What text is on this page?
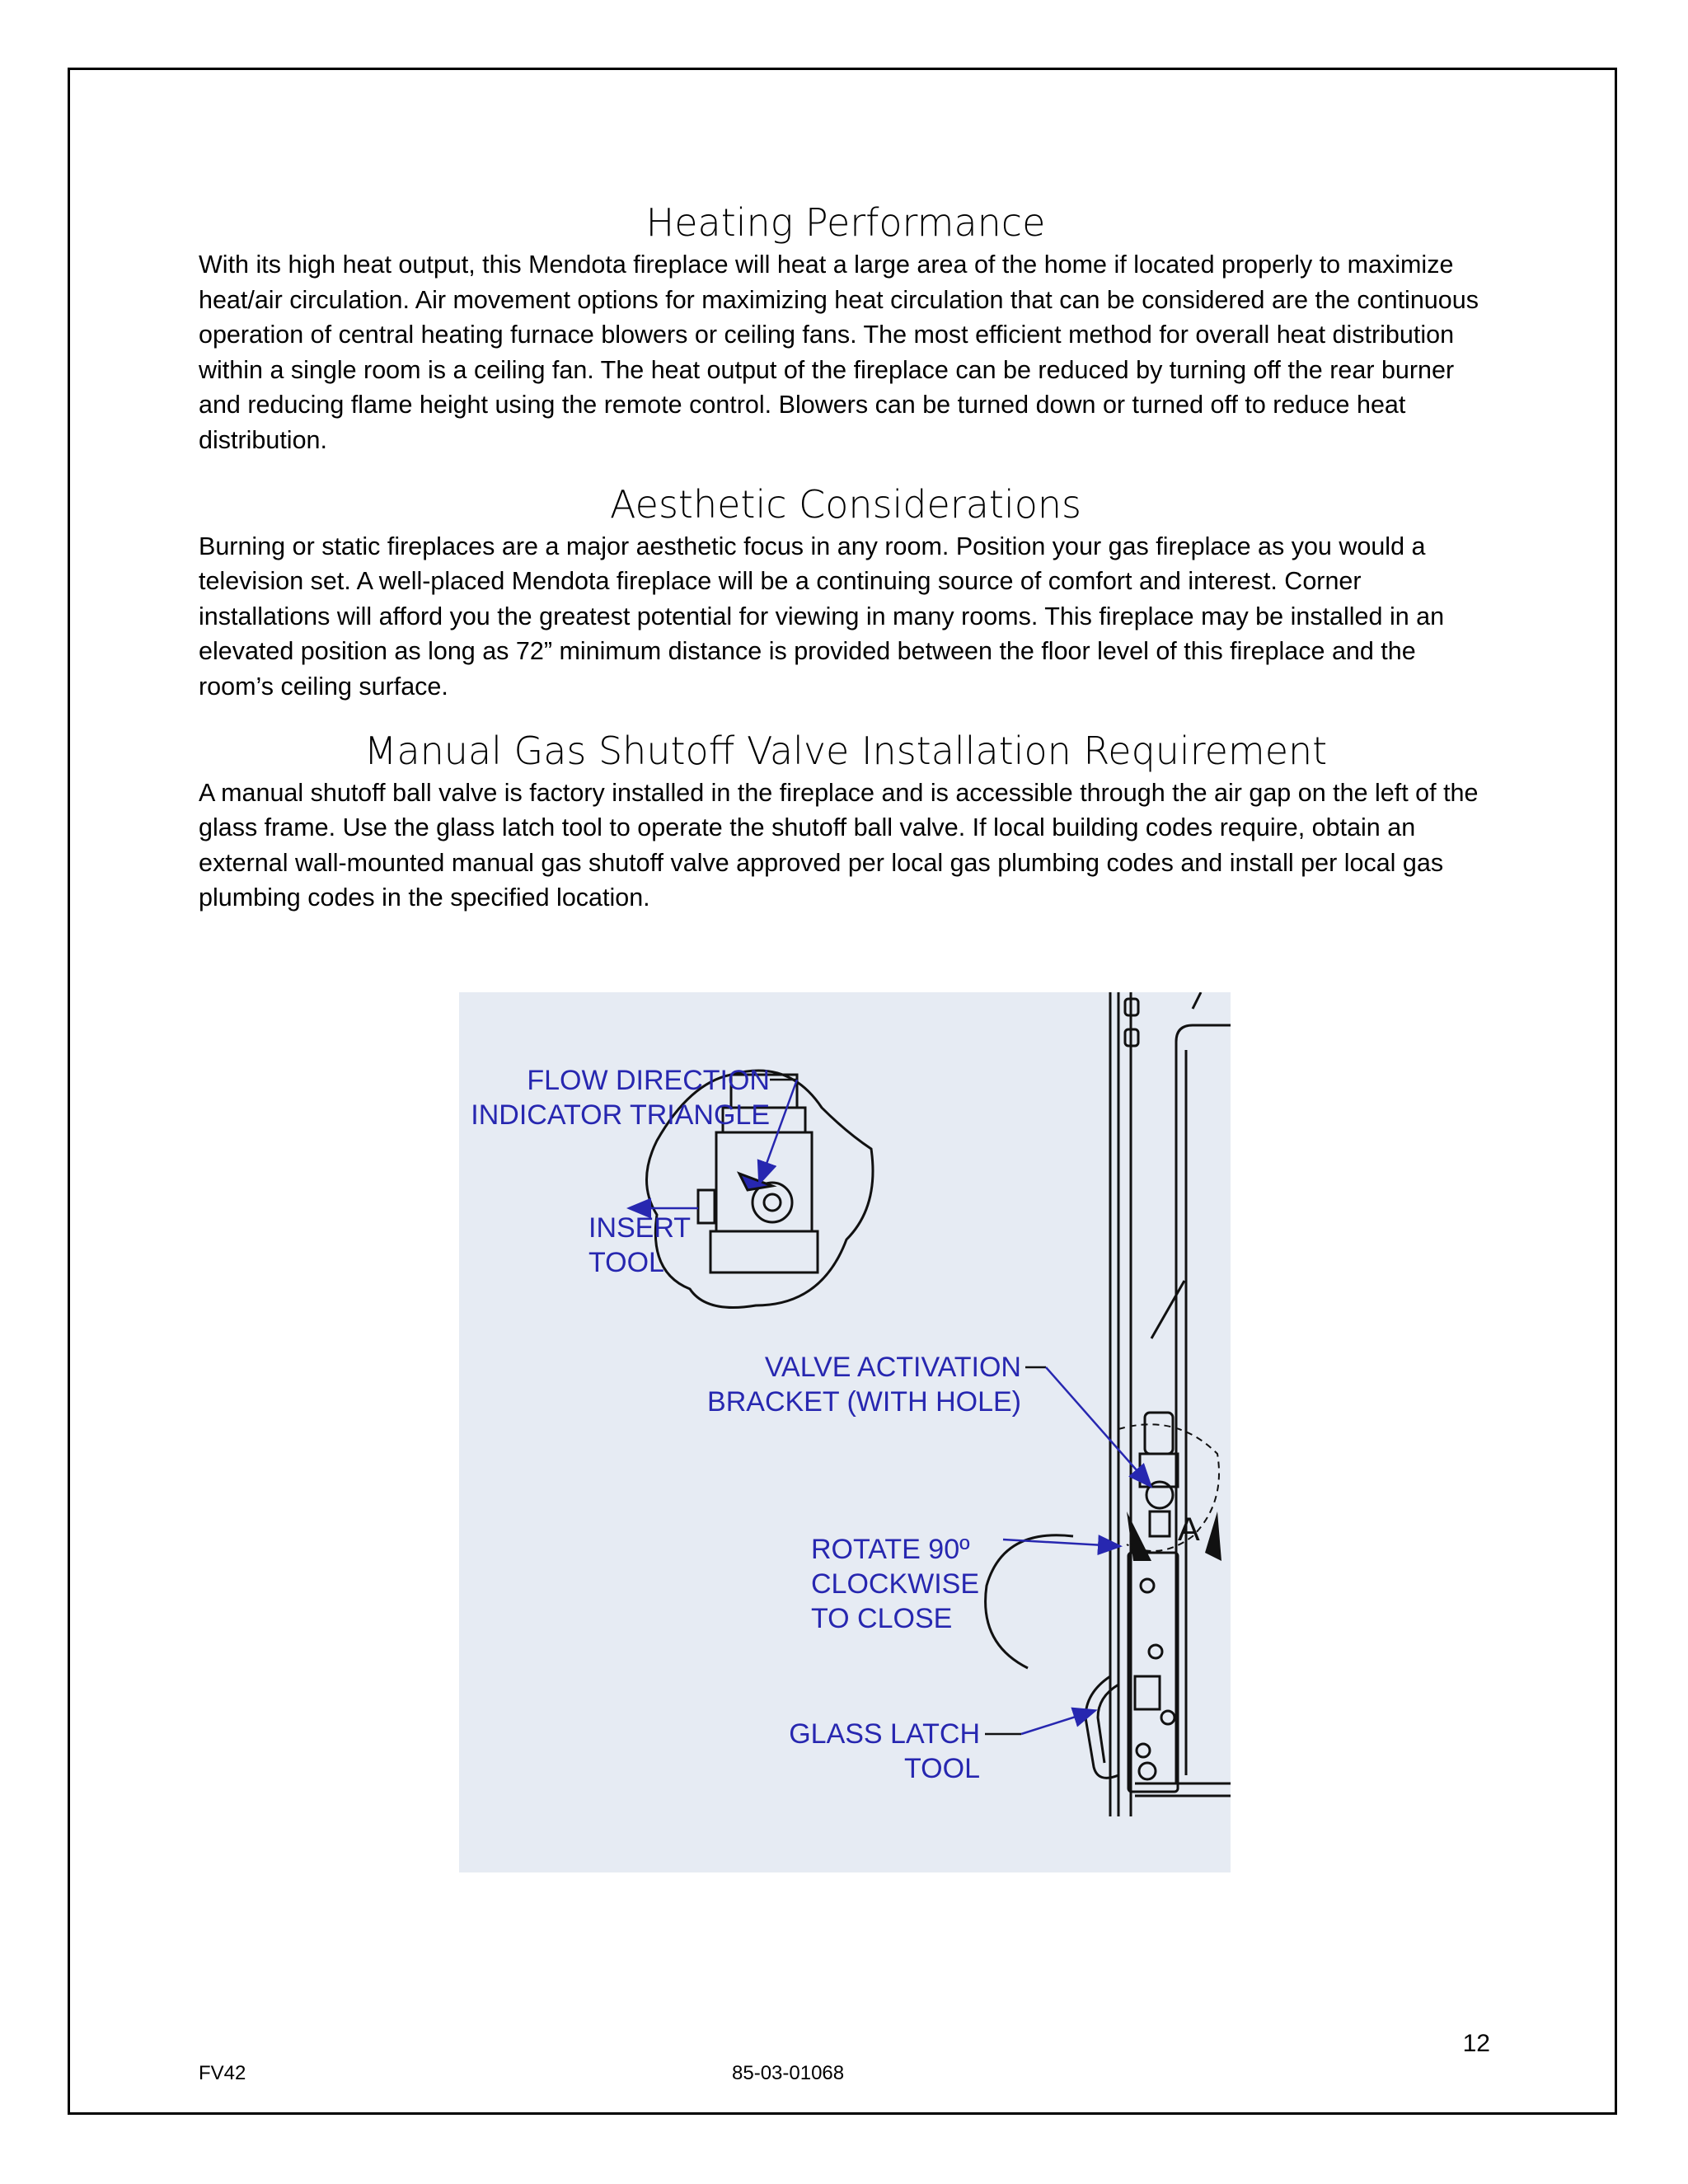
Heating Performance

With its high heat output, this Mendota fireplace will heat a large area of the home if located properly to maximize heat/air circulation. Air movement options for maximizing heat circulation that can be considered are the continuous operation of central heating furnace blowers or ceiling fans. The most efficient method for overall heat distribution within a single room is a ceiling fan. The heat output of the fireplace can be reduced by turning off the rear burner and reducing flame height using the remote control. Blowers can be turned down or turned off to reduce heat distribution.

Aesthetic Considerations

Burning or static fireplaces are a major aesthetic focus in any room. Position your gas fireplace as you would a television set. A well-placed Mendota fireplace will be a continuing source of comfort and interest. Corner installations will afford you the greatest potential for viewing in many rooms. This fireplace may be installed in an elevated position as long as 72” minimum distance is provided between the floor level of this fireplace and the room’s ceiling surface.

Manual Gas Shutoff Valve Installation Requirement

A manual shutoff ball valve is factory installed in the fireplace and is accessible through the air gap on the left of the glass frame. Use the glass latch tool to operate the shutoff ball valve. If local building codes require, obtain an external wall-mounted manual gas shutoff valve approved per local gas plumbing codes and install per local gas plumbing codes in the specified location.

A
FLOW DIRECTION
INDICATOR TRIANGLE
INSERT
TOOL
VALVE ACTIVATION
BRACKET (WITH HOLE)
ROTATE 90º
CLOCKWISE
TO CLOSE
GLASS LATCH
TOOL
12
FV42	85-03-01068
